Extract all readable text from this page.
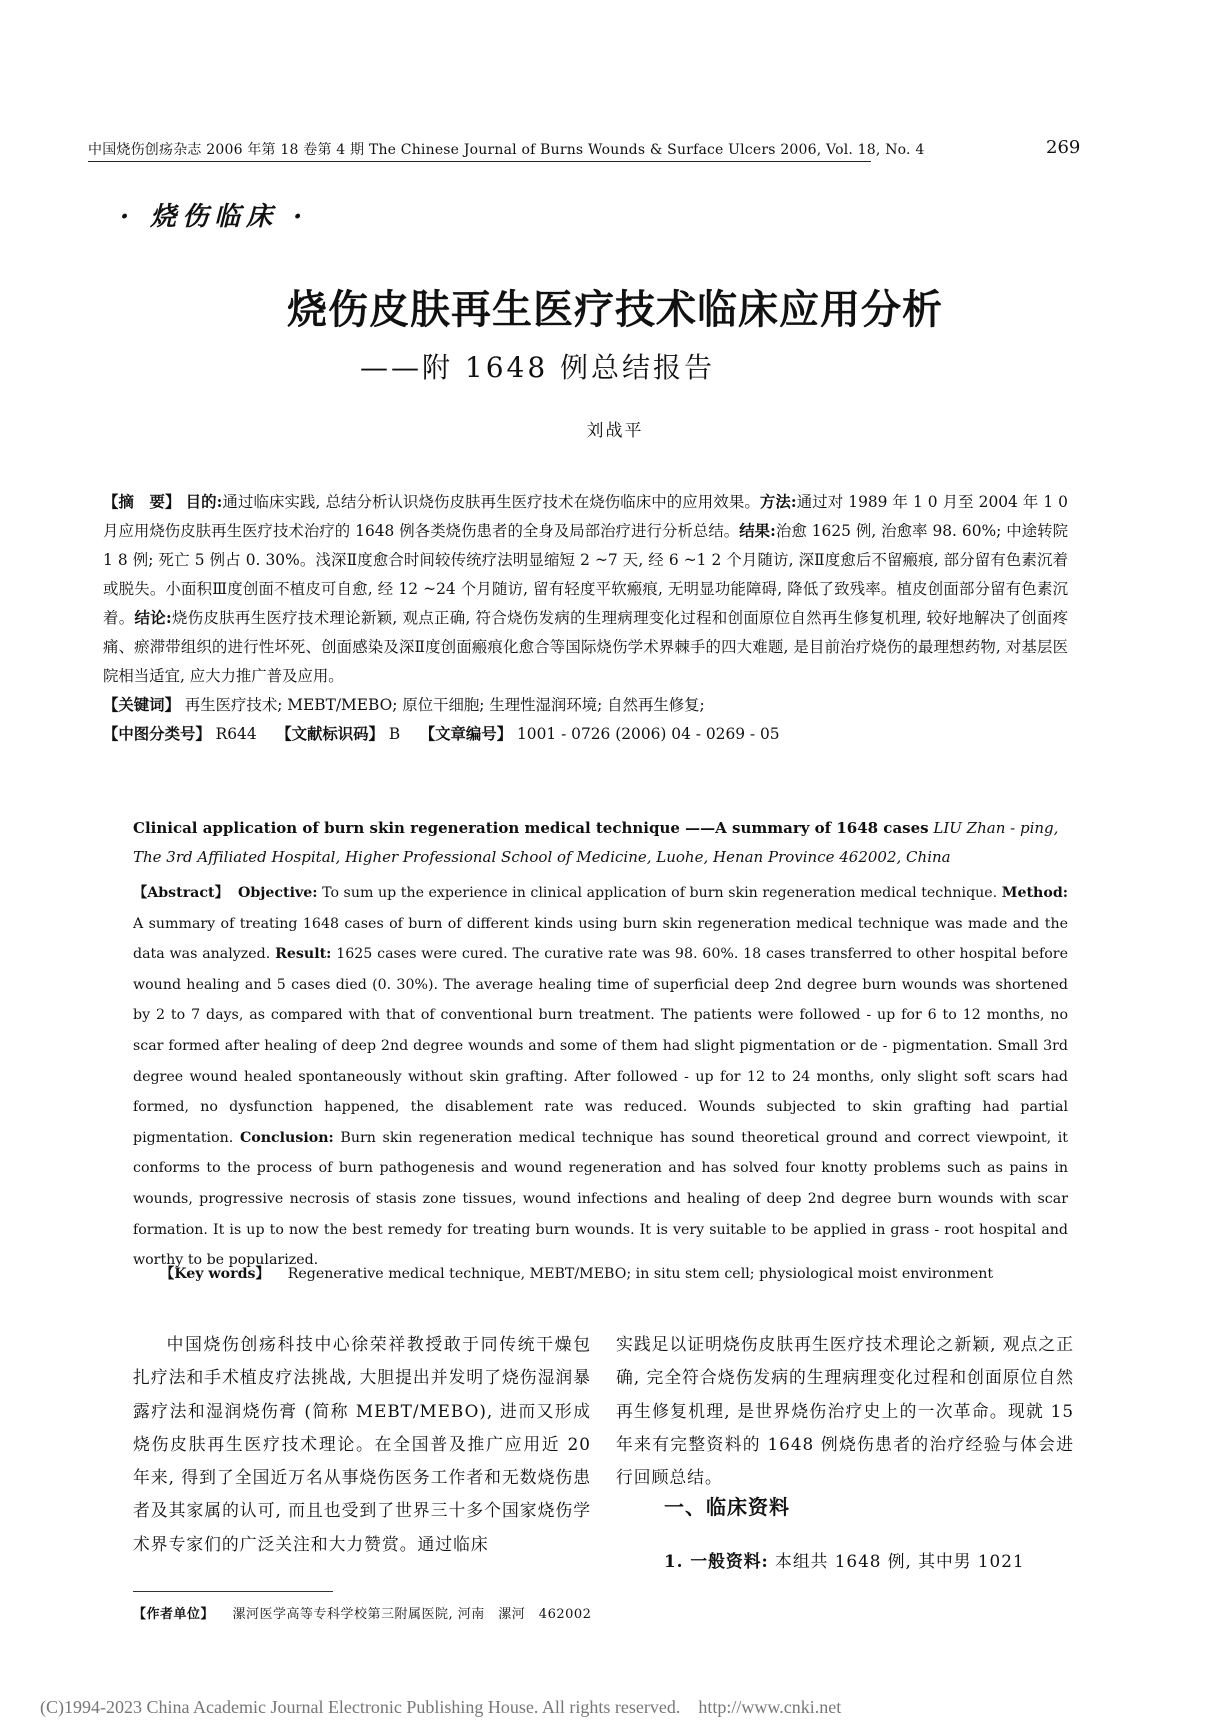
中国烧伤创疡杂志 2006 年第 18 卷第 4 期 The Chinese Journal of Burns Wounds & Surface Ulcers 2006, Vol. 18, No. 4	269
· 烧伤临床 ·
烧伤皮肤再生医疗技术临床应用分析
——附 1648 例总结报告
刘战平
【摘　要】 目的:通过临床实践, 总结分析认识烧伤皮肤再生医疗技术在烧伤临床中的应用效果。方法:通过对 1989 年 1 0 月至 2004 年 1 0 月应用烧伤皮肤再生医疗技术治疗的 1648 例各类烧伤患者的全身及局部治疗进行分析总结。结果:治愈 1625 例, 治愈率 98. 60%; 中途转院 1 8 例; 死亡 5 例占 0. 30%。浅深Ⅱ度愈合时间较传统疗法明显缩短 2 ~7 天, 经 6 ~1 2 个月随访, 深Ⅱ度愈后不留瘢痕, 部分留有色素沉着或脱失。小面积Ⅲ度创面不植皮可自愈, 经 12 ~24 个月随访, 留有轻度平软瘢痕, 无明显功能障碍, 降低了致残率。植皮创面部分留有色素沉着。结论:烧伤皮肤再生医疗技术理论新颖, 观点正确, 符合烧伤发病的生理病理变化过程和创面原位自然再生修复机理, 较好地解决了创面疼痛、瘀滞带组织的进行性坏死、创面感染及深Ⅱ度创面瘢痕化愈合等国际烧伤学术界棘手的四大难题, 是目前治疗烧伤的最理想药物, 对基层医院相当适宜, 应大力推广普及应用。
【关键词】 再生医疗技术; MEBT/MEBO; 原位干细胞; 生理性湿润环境; 自然再生修复;
【中图分类号】 R644 【文献标识码】 B 【文章编号】 1001 - 0726 (2006) 04 - 0269 - 05
Clinical application of burn skin regeneration medical technique ——A summary of 1648 cases LIU Zhan - ping, The 3rd Affiliated Hospital, Higher Professional School of Medicine, Luohe, Henan Province 462002, China
【Abstract】 Objective: To sum up the experience in clinical application of burn skin regeneration medical technique. Method: A summary of treating 1648 cases of burn of different kinds using burn skin regeneration medical technique was made and the data was analyzed. Result: 1625 cases were cured. The curative rate was 98. 60%. 18 cases transferred to other hospital before wound healing and 5 cases died (0. 30%). The average healing time of superficial deep 2nd degree burn wounds was shortened by 2 to 7 days, as compared with that of conventional burn treatment. The patients were followed - up for 6 to 12 months, no scar formed after healing of deep 2nd degree wounds and some of them had slight pigmentation or de - pigmentation. Small 3rd degree wound healed spontaneously without skin grafting. After followed - up for 12 to 24 months, only slight soft scars had formed, no dysfunction happened, the disablement rate was reduced. Wounds subjected to skin grafting had partial pigmentation. Conclusion: Burn skin regeneration medical technique has sound theoretical ground and correct viewpoint, it conforms to the process of burn pathogenesis and wound regeneration and has solved four knotty problems such as pains in wounds, progressive necrosis of stasis zone tissues, wound infections and healing of deep 2nd degree burn wounds with scar formation. It is up to now the best remedy for treating burn wounds. It is very suitable to be applied in grass - root hospital and worthy to be popularized.
【Key words】 Regenerative medical technique, MEBT/MEBO; in situ stem cell; physiological moist environment
中国烧伤创疡科技中心徐荣祥教授敢于同传统干燥包扎疗法和手术植皮疗法挑战, 大胆提出并发明了烧伤湿润暴露疗法和湿润烧伤膏 (简称 MEBT/MEBO), 进而又形成烧伤皮肤再生医疗技术理论。在全国普及推广应用近 20 年来, 得到了全国近万名从事烧伤医务工作者和无数烧伤患者及其家属的认可, 而且也受到了世界三十多个国家烧伤学术界专家们的广泛关注和大力赞赏。通过临床
实践足以证明烧伤皮肤再生医疗技术理论之新颖, 观点之正确, 完全符合烧伤发病的生理病理变化过程和创面原位自然再生修复机理, 是世界烧伤治疗史上的一次革命。现就 15 年来有完整资料的 1648 例烧伤患者的治疗经验与体会进行回顾总结。
一、临床资料
1. 一般资料: 本组共 1648 例, 其中男 1021
【作者单位】 漯河医学高等专科学校第三附属医院, 河南　漯河　462002
(C)1994-2023 China Academic Journal Electronic Publishing House. All rights reserved.　http://www.cnki.net
